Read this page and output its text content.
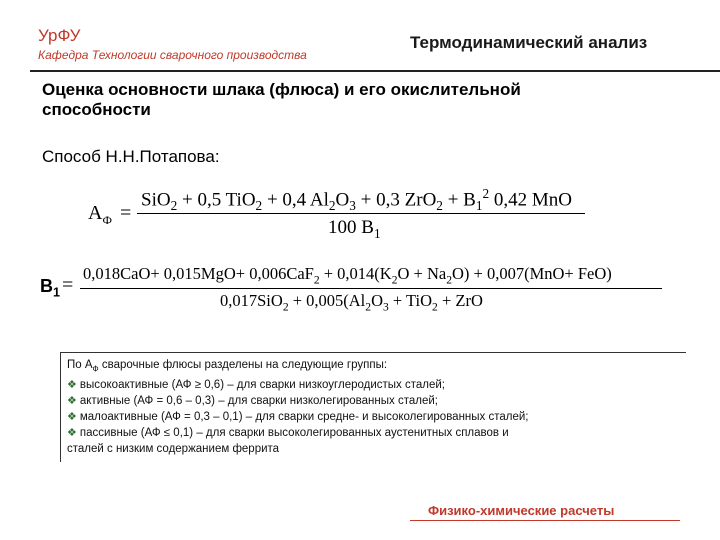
УрФУ
Кафедра Технологии сварочного производства
Термодинамический анализ
Оценка основности шлака (флюса) и его окислительной способности
Способ Н.Н.Потапова:
$А_Ф$ =
SiO$_2$ + 0,5 TiO$_2$ + 0,4 $Al_2O_3 + 0,3$ $ZrO_2 + B_1^2$ 0,42 MnO
100 $B_1$
$B_1$ =
$0,018CaO+ 0,015MgO+ 0,006CaF_2 + 0,014(K_2O + Na_2O) + 0,007(MnO+ FeO)$
$0,017SiO_2 + 0,005(Al_2O_3 + TiO_2$ + ZrO
По $А_Ф$ сварочные флюсы разделены на следующие группы:
❖ высокоактивные (АФ ≥ 0,6) – для сварки низкоуглеродистых сталей;
❖ активные (АФ = 0,6 – 0,3) – для сварки низколегированных сталей;
❖ малоактивные (АФ = 0,3 – 0,1) – для сварки средне- и высоколегированных сталей;
❖ пассивные (АФ ≤ 0,1) – для сварки высоколегированных аустенитных сплавов и
сталей с низким содержанием феррита
Физико-химические расчеты
